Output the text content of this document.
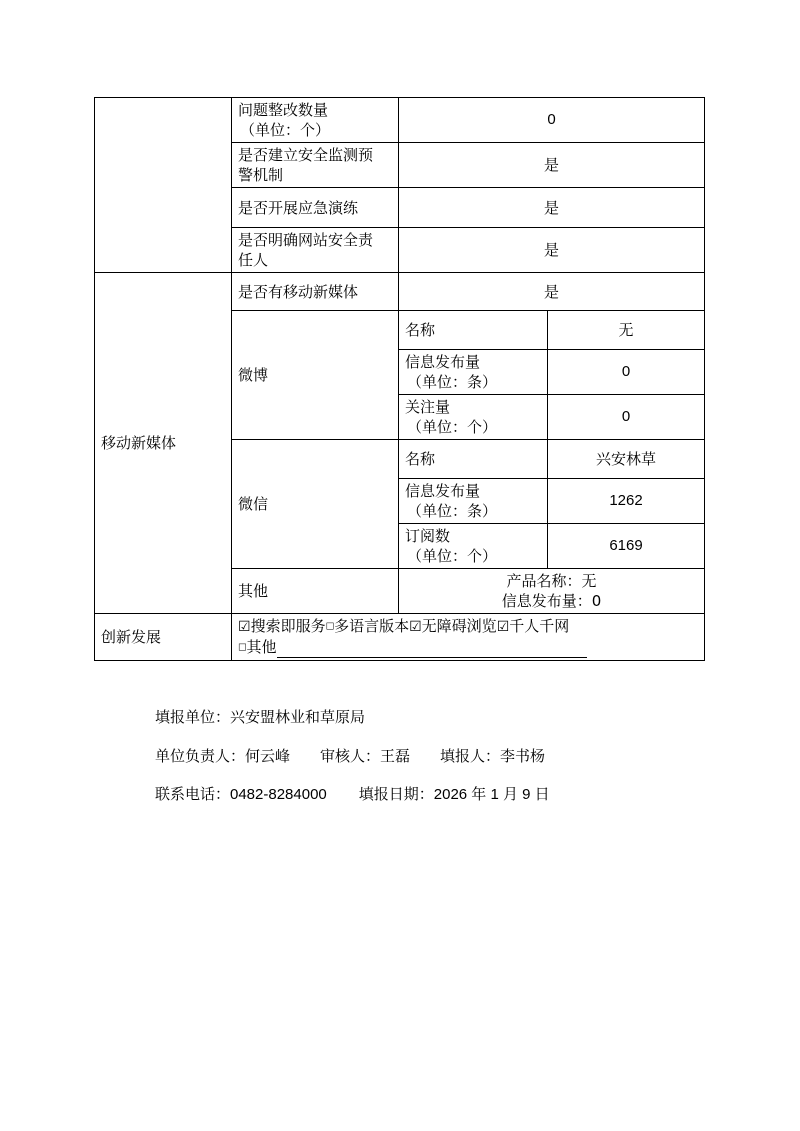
	问题整改数量

（单位：个）	0	
	是否建立安全监测预
警机制	是	
	是否开展应急演练	是	
	是否明确网站安全责
任人	是	
移动新媒体	是否有移动新媒体	是	
	微博	名称	无
		信息发布量

（单位：条）	0
		关注量

（单位：个）	0
	微信	名称	兴安林草
		信息发布量

（单位：条）	1262
		订阅数

（单位：个）	6169
	其他	产品名称：无
信息发布量：0	
创新发展	☑搜索即服务□多语言版本☑无障碍浏览☑千人千网
□其他		
填报单位：兴安盟林业和草原局
单位负责人：何云峰 审核人：王磊 填报人：李书杨
联系电话：0482-8284000 填报日期：2026 年 1 月 9 日
